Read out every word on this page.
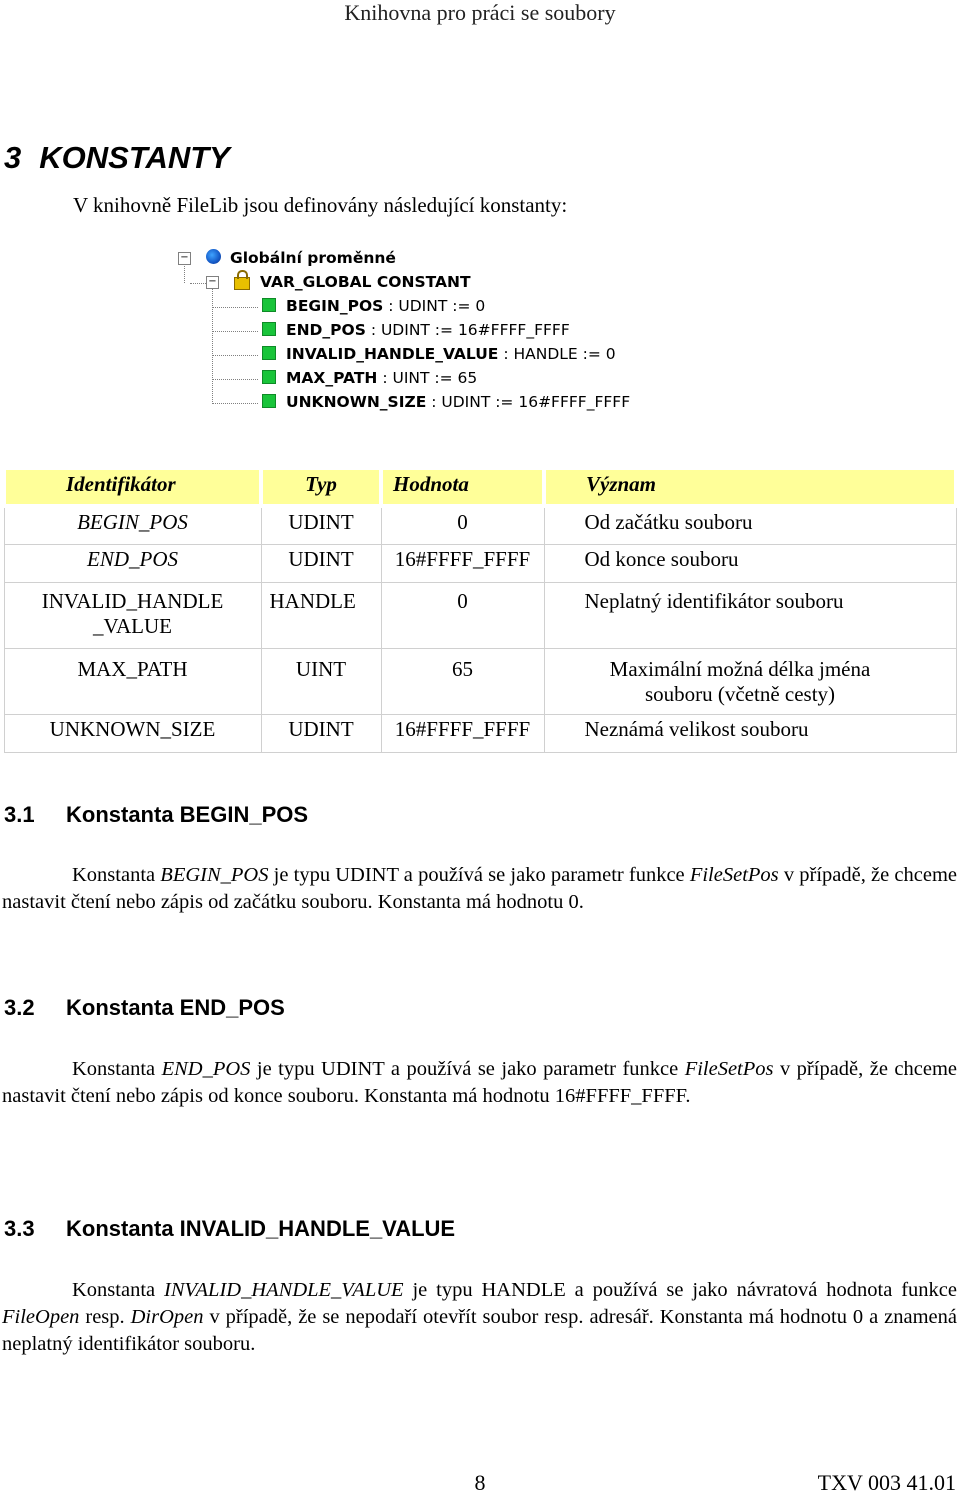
Knihovna pro práci se soubory
3 KONSTANTY
V knihovně FileLib jsou definovány následující konstanty:
−	Globální proměnné
−	VAR_GLOBAL CONSTANT
BEGIN_POS : UDINT := 0
END_POS : UDINT := 16#FFFF_FFFF
INVALID_HANDLE_VALUE : HANDLE := 0
MAX_PATH : UINT := 65
UNKNOWN_SIZE : UDINT := 16#FFFF_FFFF
Identifikátor	Typ	Hodnota	Význam
BEGIN_POS	UDINT	0	Od začátku souboru
END_POS	UDINT	16#FFFF_FFFF	Od konce souboru
INVALID_HANDLE _VALUE	HANDLE	0	Neplatný identifikátor souboru
MAX_PATH	UINT	65	Maximální možná délka jména souboru (včetně cesty)
UNKNOWN_SIZE	UDINT	16#FFFF_FFFF	Neznámá velikost souboru
3.1 Konstanta BEGIN_POS
Konstanta BEGIN_POS je typu UDINT a používá se jako parametr funkce FileSetPos v případě, že chceme nastavit čtení nebo zápis od začátku souboru. Konstanta má hodnotu 0.
3.2 Konstanta END_POS
Konstanta END_POS je typu UDINT a používá se jako parametr funkce FileSetPos v případě, že chceme nastavit čtení nebo zápis od konce souboru. Konstanta má hodnotu 16#FFFF_FFFF.
3.3 Konstanta INVALID_HANDLE_VALUE
Konstanta INVALID_HANDLE_VALUE je typu HANDLE a používá se jako návratová hodnota funkce FileOpen resp. DirOpen v případě, že se nepodaří otevřít soubor resp. adresář. Konstanta má hodnotu 0 a znamená neplatný identifikátor souboru.
8	TXV 003 41.01
